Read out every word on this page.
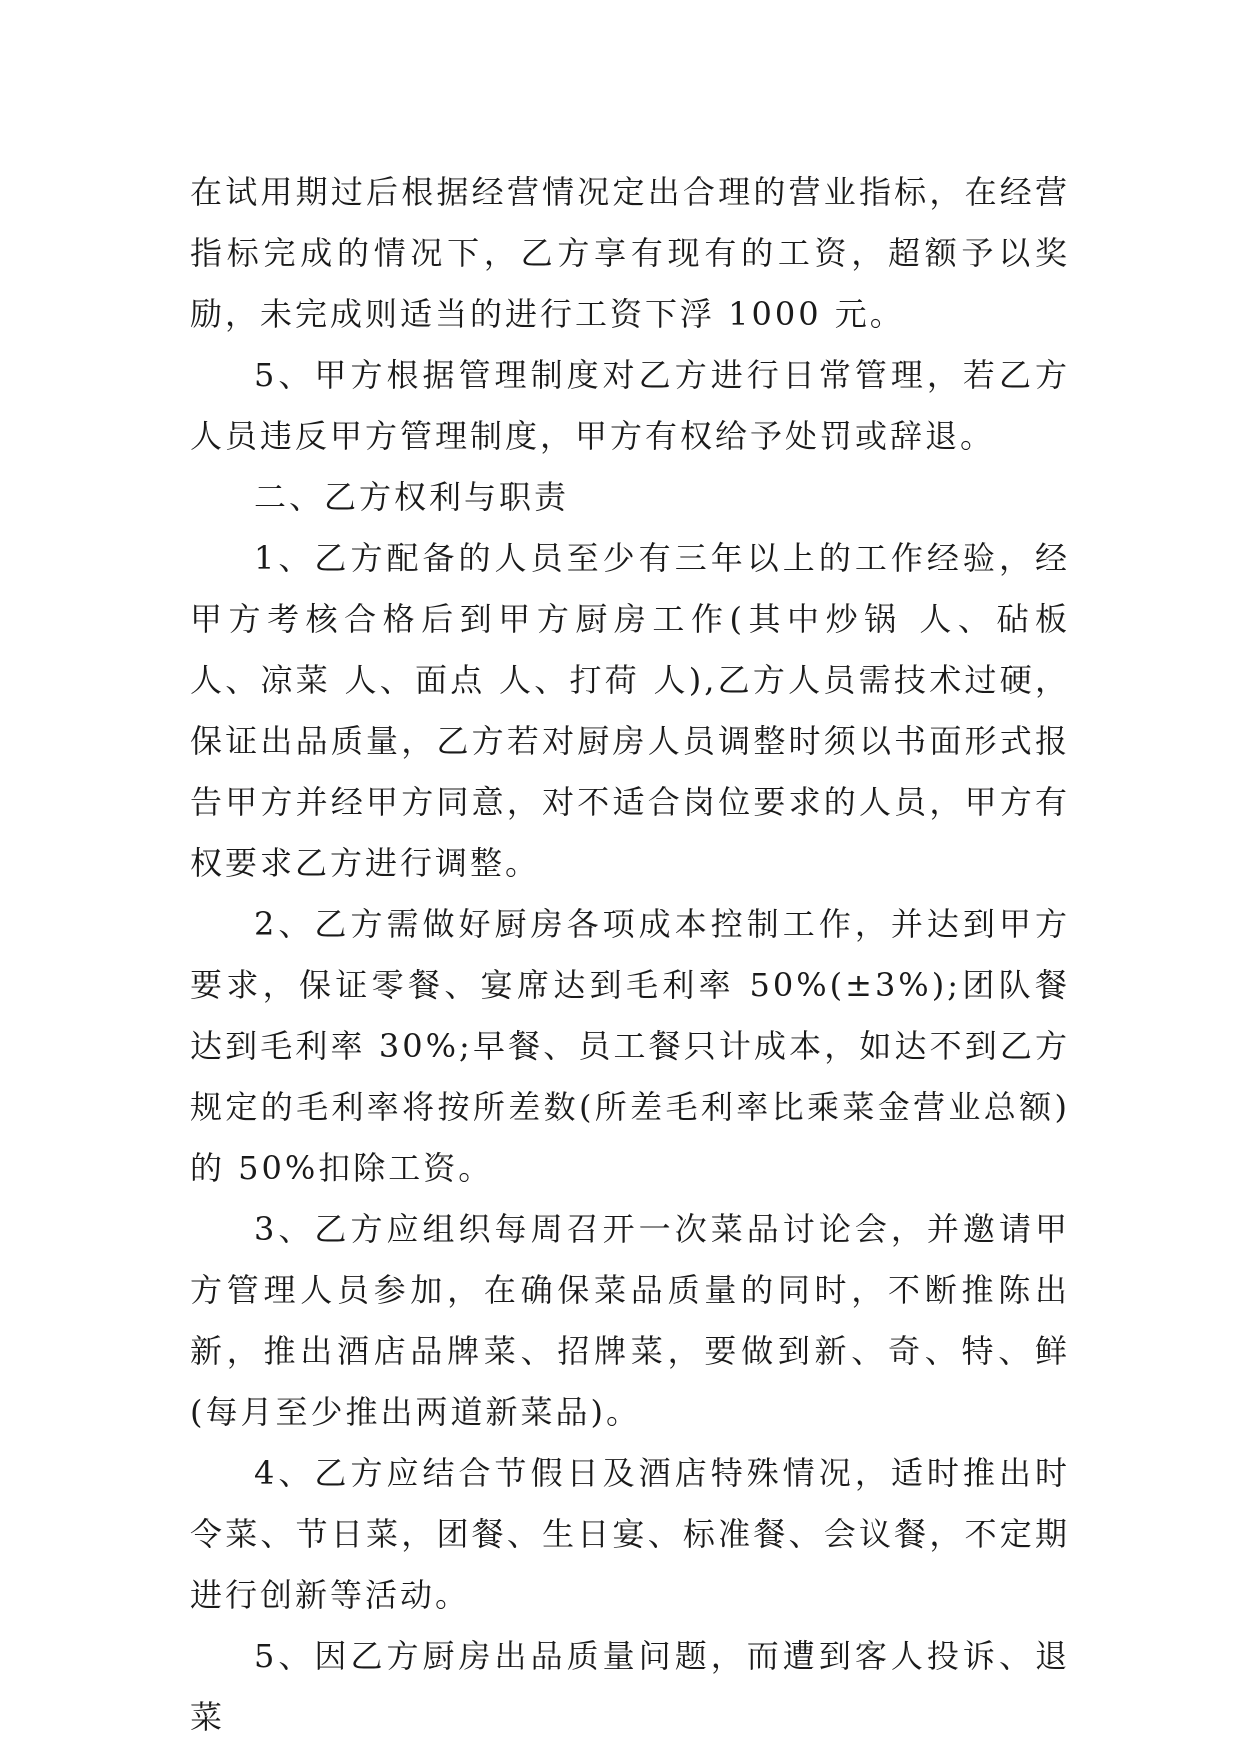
在试用期过后根据经营情况定出合理的营业指标，在经营指标完成的情况下，乙方享有现有的工资，超额予以奖励，未完成则适当的进行工资下浮 1000 元。

5、甲方根据管理制度对乙方进行日常管理，若乙方人员违反甲方管理制度，甲方有权给予处罚或辞退。

二、乙方权利与职责

1、乙方配备的人员至少有三年以上的工作经验，经甲方考核合格后到甲方厨房工作(其中炒锅 人、砧板 人、凉菜 人、面点 人、打荷 人),乙方人员需技术过硬，保证出品质量，乙方若对厨房人员调整时须以书面形式报告甲方并经甲方同意，对不适合岗位要求的人员，甲方有权要求乙方进行调整。

2、乙方需做好厨房各项成本控制工作，并达到甲方要求，保证零餐、宴席达到毛利率 50%(±3%);团队餐达到毛利率 30%;早餐、员工餐只计成本，如达不到乙方规定的毛利率将按所差数(所差毛利率比乘菜金营业总额)的 50%扣除工资。

3、乙方应组织每周召开一次菜品讨论会，并邀请甲方管理人员参加，在确保菜品质量的同时，不断推陈出新，推出酒店品牌菜、招牌菜，要做到新、奇、特、鲜(每月至少推出两道新菜品)。

4、乙方应结合节假日及酒店特殊情况，适时推出时令菜、节日菜，团餐、生日宴、标准餐、会议餐，不定期进行创新等活动。

5、因乙方厨房出品质量问题，而遭到客人投诉、退菜
